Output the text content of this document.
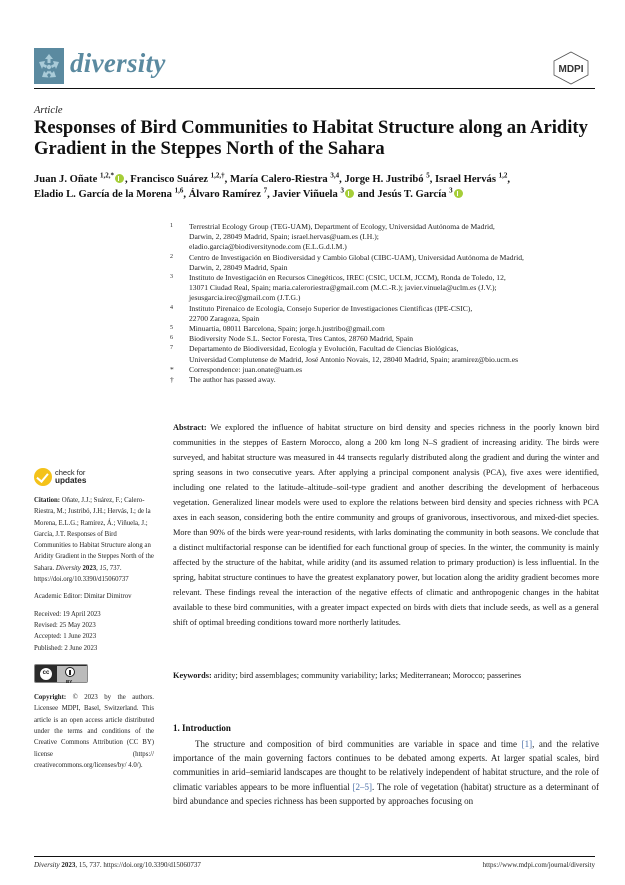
diversity	MDPI
Article
Responses of Bird Communities to Habitat Structure along an Aridity Gradient in the Steppes North of the Sahara
Juan J. Oñate $^{1,2,*}$ , Francisco Suárez $^{1,2,\dagger}$, María Calero-Riestra $^{3,4}$, Jorge H. Justribó $^5$, Israel Hervás $^{1,2}$,
Eladio L. García de la Morena $^{1,6}$, Álvaro Ramírez $^7$, Javier Viñuela $^3$ and Jesús T. García $^3$
1 Terrestrial Ecology Group (TEG-UAM), Department of Ecology, Universidad Autónoma de Madrid,
Darwin, 2, 28049 Madrid, Spain; israel.hervas@uam.es (I.H.);
eladio.garcia@biodiversitynode.com (E.L.G.d.l.M.)
2 Centro de Investigación en Biodiversidad y Cambio Global (CIBC-UAM), Universidad Autónoma de Madrid,
Darwin, 2, 28049 Madrid, Spain
3 Instituto de Investigación en Recursos Cinegéticos, IREC (CSIC, UCLM, JCCM), Ronda de Toledo, 12,
13071 Ciudad Real, Spain; maria.caleroriestra@gmail.com (M.C.-R.); javier.vinuela@uclm.es (J.V.);
jesusgarcia.irec@gmail.com (J.T.G.)
4 Instituto Pirenaico de Ecología, Consejo Superior de Investigaciones Científicas (IPE-CSIC),
22700 Zaragoza, Spain
5 Minuartia, 08011 Barcelona, Spain; jorge.h.justribo@gmail.com
6 Biodiversity Node S.L. Sector Foresta, Tres Cantos, 28760 Madrid, Spain
7 Departamento de Biodiversidad, Ecología y Evolución, Facultad de Ciencias Biológicas,
Universidad Complutense de Madrid, José Antonio Novais, 12, 28040 Madrid, Spain; aramirez@bio.ucm.es
* Correspondence: juan.onate@uam.es
† The author has passed away.
check for
updates
Citation: Oñate, J.J.; Suárez, F.; Calero-Riestra, M.; Justribó, J.H.; Hervás, I.; de la Morena, E.L.G.; Ramírez, Á.; Viñuela, J.; García, J.T. Responses of Bird Communities to Habitat Structure along an Aridity Gradient in the Steppes North of the Sahara. Diversity 2023, 15, 737. https://doi.org/10.3390/d15060737
Academic Editor: Dimitar Dimitrov
Received: 19 April 2023
Revised: 25 May 2023
Accepted: 1 June 2023
Published: 2 June 2023
cc
BY
Copyright: © 2023 by the authors. Licensee MDPI, Basel, Switzerland. This article is an open access article distributed under the terms and conditions of the Creative Commons Attribution (CC BY) license (https:// creativecommons.org/licenses/by/ 4.0/).
Abstract: We explored the influence of habitat structure on bird density and species richness in the poorly known bird communities in the steppes of Eastern Morocco, along a 200 km long N–S gradient of increasing aridity. The birds were surveyed, and habitat structure was measured in 44 transects regularly distributed along the gradient and during the winter and spring seasons in two consecutive years. After applying a principal component analysis (PCA), five axes were identified, including one related to the latitude–altitude–soil-type gradient and another describing the development of herbaceous vegetation. Generalized linear models were used to explore the relations between bird density and species richness with PCA axes in each season, considering both the entire community and groups of granivorous, insectivorous, and mixed-diet species. More than 90% of the birds were year-round residents, with larks dominating the community in both seasons. We conclude that a distinct multifactorial response can be identified for each functional group of species. In the winter, the community is mainly affected by the structure of the habitat, while aridity (and its assumed relation to primary production) is less influential. In the spring, habitat structure continues to have the greatest explanatory power, but location along the aridity gradient becomes more relevant. These findings reveal the interaction of the negative effects of climatic and anthropogenic changes in the habitat available to these bird communities, with a greater impact expected on birds with diets that include seeds, as well as a general shift of optimal breeding conditions toward more northerly latitudes.
Keywords: aridity; bird assemblages; community variability; larks; Mediterranean; Morocco; passerines
1. Introduction

The structure and composition of bird communities are variable in space and time [1], and the relative importance of the main governing factors continues to be debated among experts. At larger spatial scales, bird communities in arid–semiarid landscapes are thought to be relatively independent of habitat structure, and the role of climatic variables appears to be more influential [2–5]. The role of vegetation (habitat) structure as a determinant of bird abundance and species richness has been supported by approaches focusing on

Diversity 2023, 15, 737. https://doi.org/10.3390/d15060737	https://www.mdpi.com/journal/diversity
